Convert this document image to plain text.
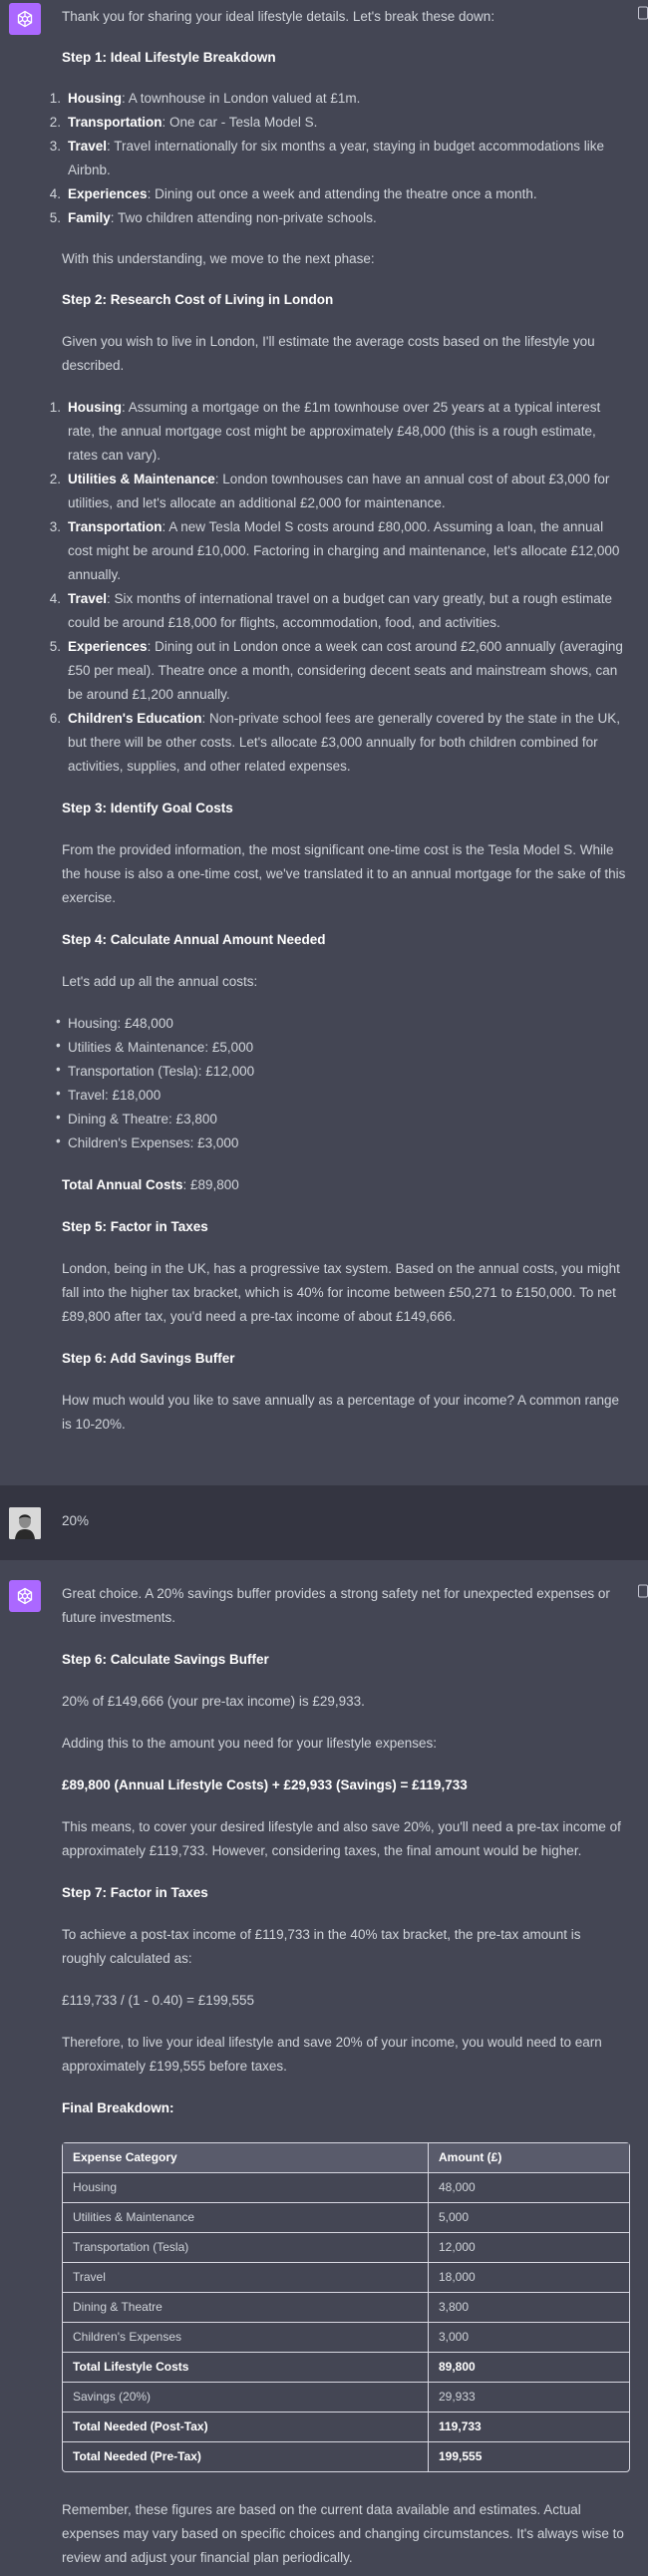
Thank you for sharing your ideal lifestyle details. Let's break these down:

Step 1: Ideal Lifestyle Breakdown

1. Housing: A townhouse in London valued at £1m.
2. Transportation: One car - Tesla Model S.
3. Travel: Travel internationally for six months a year, staying in budget accommodations like Airbnb.
4. Experiences: Dining out once a week and attending the theatre once a month.
5. Family: Two children attending non-private schools.

With this understanding, we move to the next phase:

Step 2: Research Cost of Living in London

Given you wish to live in London, I'll estimate the average costs based on the lifestyle you described.

1. Housing: Assuming a mortgage on the £1m townhouse over 25 years at a typical interest rate, the annual mortgage cost might be approximately £48,000 (this is a rough estimate, rates can vary).
2. Utilities & Maintenance: London townhouses can have an annual cost of about £3,000 for utilities, and let's allocate an additional £2,000 for maintenance.
3. Transportation: A new Tesla Model S costs around £80,000. Assuming a loan, the annual cost might be around £10,000. Factoring in charging and maintenance, let's allocate £12,000 annually.
4. Travel: Six months of international travel on a budget can vary greatly, but a rough estimate could be around £18,000 for flights, accommodation, food, and activities.
5. Experiences: Dining out in London once a week can cost around £2,600 annually (averaging £50 per meal). Theatre once a month, considering decent seats and mainstream shows, can be around £1,200 annually.
6. Children's Education: Non-private school fees are generally covered by the state in the UK, but there will be other costs. Let's allocate £3,000 annually for both children combined for activities, supplies, and other related expenses.

Step 3: Identify Goal Costs

From the provided information, the most significant one-time cost is the Tesla Model S. While the house is also a one-time cost, we've translated it to an annual mortgage for the sake of this exercise.

Step 4: Calculate Annual Amount Needed

Let's add up all the annual costs:

• Housing: £48,000
• Utilities & Maintenance: £5,000
• Transportation (Tesla): £12,000
• Travel: £18,000
• Dining & Theatre: £3,800
• Children's Expenses: £3,000

Total Annual Costs: £89,800

Step 5: Factor in Taxes

London, being in the UK, has a progressive tax system. Based on the annual costs, you might fall into the higher tax bracket, which is 40% for income between £50,271 to £150,000. To net £89,800 after tax, you'd need a pre-tax income of about £149,666.

Step 6: Add Savings Buffer

How much would you like to save annually as a percentage of your income? A common range is 10-20%.

20%

Great choice. A 20% savings buffer provides a strong safety net for unexpected expenses or future investments.

Step 6: Calculate Savings Buffer

20% of £149,666 (your pre-tax income) is £29,933.

Adding this to the amount you need for your lifestyle expenses:

£89,800 (Annual Lifestyle Costs) + £29,933 (Savings) = £119,733

This means, to cover your desired lifestyle and also save 20%, you'll need a pre-tax income of approximately £119,733. However, considering taxes, the final amount would be higher.

Step 7: Factor in Taxes

To achieve a post-tax income of £119,733 in the 40% tax bracket, the pre-tax amount is roughly calculated as:

£119,733 / (1 - 0.40) = £199,555

Therefore, to live your ideal lifestyle and save 20% of your income, you would need to earn approximately £199,555 before taxes.

Final Breakdown:

Expense Category	Amount (£)
Housing	48,000
Utilities & Maintenance	5,000
Transportation (Tesla)	12,000
Travel	18,000
Dining & Theatre	3,800
Children's Expenses	3,000
Total Lifestyle Costs	89,800
Savings (20%)	29,933
Total Needed (Post-Tax)	119,733
Total Needed (Pre-Tax)	199,555

Remember, these figures are based on the current data available and estimates. Actual expenses may vary based on specific choices and changing circumstances. It's always wise to review and adjust your financial plan periodically.
